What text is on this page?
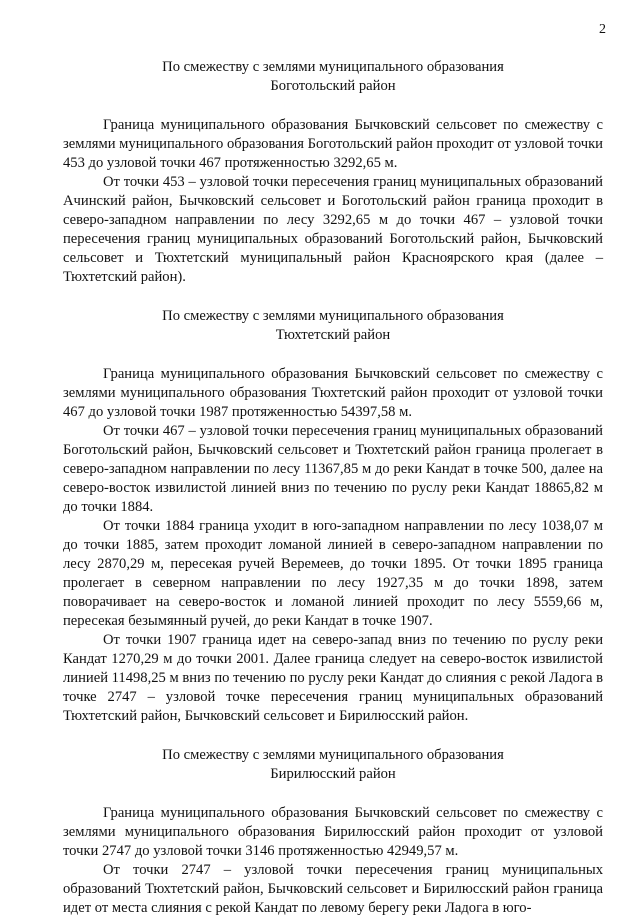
2
По смежеству с землями муниципального образования
Боготольский район

Граница муниципального образования Бычковский сельсовет по смежеству с землями муниципального образования Боготольский район проходит от узловой точки 453 до узловой точки 467 протяженностью 3292,65 м.

От точки 453 – узловой точки пересечения границ муниципальных образований Ачинский район, Бычковский сельсовет и Боготольский район граница проходит в северо-западном направлении по лесу 3292,65 м до точки 467 – узловой точки пересечения границ муниципальных образований Боготольский район, Бычковский сельсовет и Тюхтетский муниципальный район Красноярского края (далее – Тюхтетский район).

По смежеству с землями муниципального образования
Тюхтетский район

Граница муниципального образования Бычковский сельсовет по смежеству с землями муниципального образования Тюхтетский район проходит от узловой точки 467 до узловой точки 1987 протяженностью 54397,58 м.

От точки 467 – узловой точки пересечения границ муниципальных образований Боготольский район, Бычковский сельсовет и Тюхтетский район граница пролегает в северо-западном направлении по лесу 11367,85 м до реки Кандат в точке 500, далее на северо-восток извилистой линией вниз по течению по руслу реки Кандат 18865,82 м до точки 1884.

От точки 1884 граница уходит в юго-западном направлении по лесу 1038,07 м до точки 1885, затем проходит ломаной линией в северо-западном направлении по лесу 2870,29 м, пересекая ручей Веремеев, до точки 1895. От точки 1895 граница пролегает в северном направлении по лесу 1927,35 м до точки 1898, затем поворачивает на северо-восток и ломаной линией проходит по лесу 5559,66 м, пересекая безымянный ручей, до реки Кандат в точке 1907.

От точки 1907 граница идет на северо-запад вниз по течению по руслу реки Кандат 1270,29 м до точки 2001. Далее граница следует на северо-восток извилистой линией 11498,25 м вниз по течению по руслу реки Кандат до слияния с рекой Ладога в точке 2747 – узловой точке пересечения границ муниципальных образований Тюхтетский район, Бычковский сельсовет и Бирилюсский район.

По смежеству с землями муниципального образования
Бирилюсский район

Граница муниципального образования Бычковский сельсовет по смежеству с землями муниципального образования Бирилюсский район проходит от узловой точки 2747 до узловой точки 3146 протяженностью 42949,57 м.

От точки 2747 – узловой точки пересечения границ муниципальных образований Тюхтетский район, Бычковский сельсовет и Бирилюсский район граница идет от места слияния с рекой Кандат по левому берегу реки Ладога в юго-
